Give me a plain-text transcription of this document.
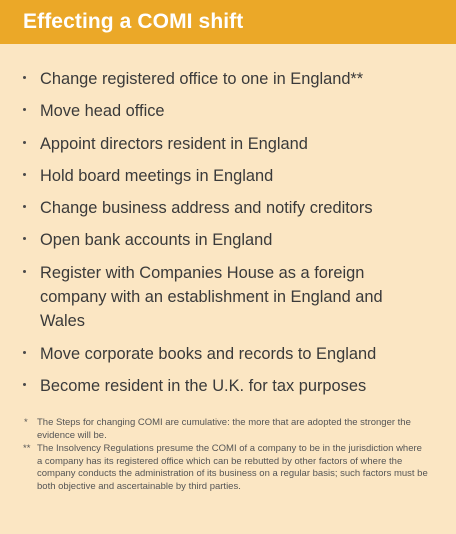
Effecting a COMI shift
Change registered office to one in England**
Move head office
Appoint directors resident in England
Hold board meetings in England
Change business address and notify creditors
Open bank accounts in England
Register with Companies House as a foreign company with an establishment in England and Wales
Move corporate books and records to England
Become resident in the U.K. for tax purposes
* The Steps for changing COMI are cumulative: the more that are adopted the stronger the evidence will be.
** The Insolvency Regulations presume the COMI of a company to be in the jurisdiction where a company has its registered office which can be rebutted by other factors of where the company conducts the administration of its business on a regular basis; such factors must be both objective and ascertainable by third parties.
